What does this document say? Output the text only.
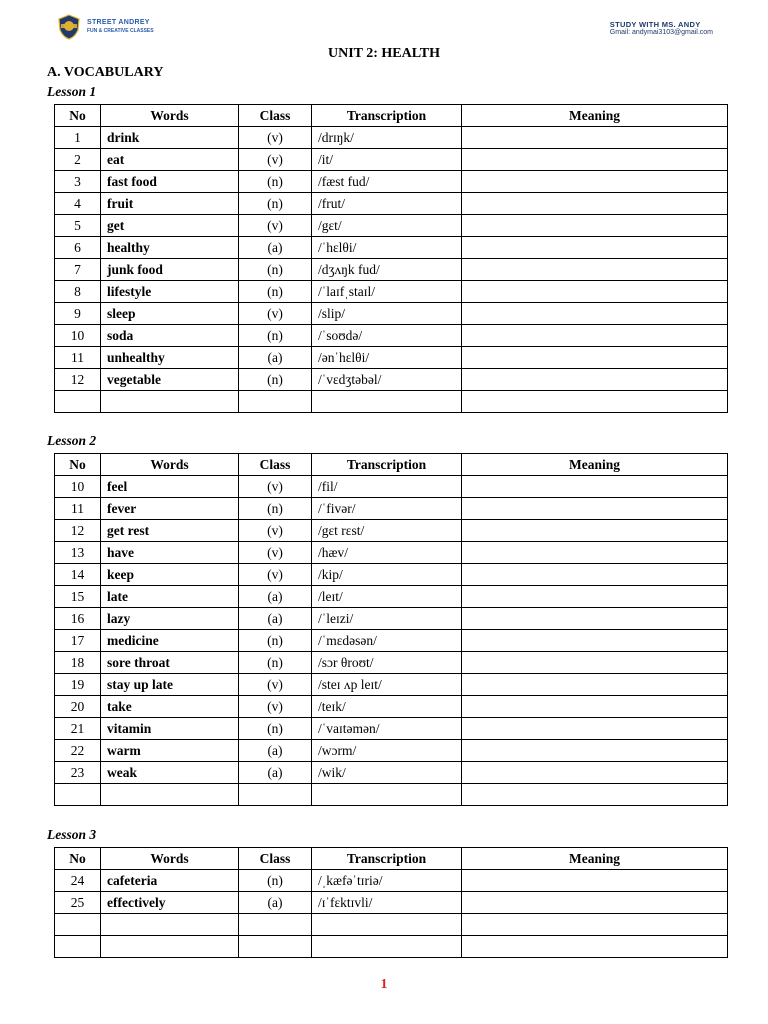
STREET ANDREY
FUN & CREATIVE CLASSES
STUDY WITH MS. ANDY
Gmail: andymai3103@gmail.com
UNIT 2: HEALTH
A. VOCABULARY
Lesson 1
No	Words	Class	Transcription	Meaning
1	drink	(v)	/drɪŋk/	
2	eat	(v)	/it/	
3	fast food	(n)	/fæst fud/	
4	fruit	(n)	/frut/	
5	get	(v)	/gɛt/	
6	healthy	(a)	/ˈhɛlθi/	
7	junk food	(n)	/dʒʌŋk fud/	
8	lifestyle	(n)	/ˈlaɪfˌstaɪl/	
9	sleep	(v)	/slip/	
10	soda	(n)	/ˈsoʊdə/	
11	unhealthy	(a)	/ənˈhɛlθi/	
12	vegetable	(n)	/ˈvɛdʒtəbəl/	

Lesson 2
No	Words	Class	Transcription	Meaning
10	feel	(v)	/fil/	
11	fever	(n)	/ˈfivər/	
12	get rest	(v)	/gɛt rɛst/	
13	have	(v)	/hæv/	
14	keep	(v)	/kip/	
15	late	(a)	/leɪt/	
16	lazy	(a)	/ˈleɪzi/	
17	medicine	(n)	/ˈmɛdəsən/	
18	sore throat	(n)	/sɔr θroʊt/	
19	stay up late	(v)	/steɪ ʌp leɪt/	
20	take	(v)	/teɪk/	
21	vitamin	(n)	/ˈvaɪtəmən/	
22	warm	(a)	/wɔrm/	
23	weak	(a)	/wik/	

Lesson 3
No	Words	Class	Transcription	Meaning
24	cafeteria	(n)	/ˌkæfəˈtɪriə/	
25	effectively	(a)	/ɪˈfɛktɪvli/	

1
